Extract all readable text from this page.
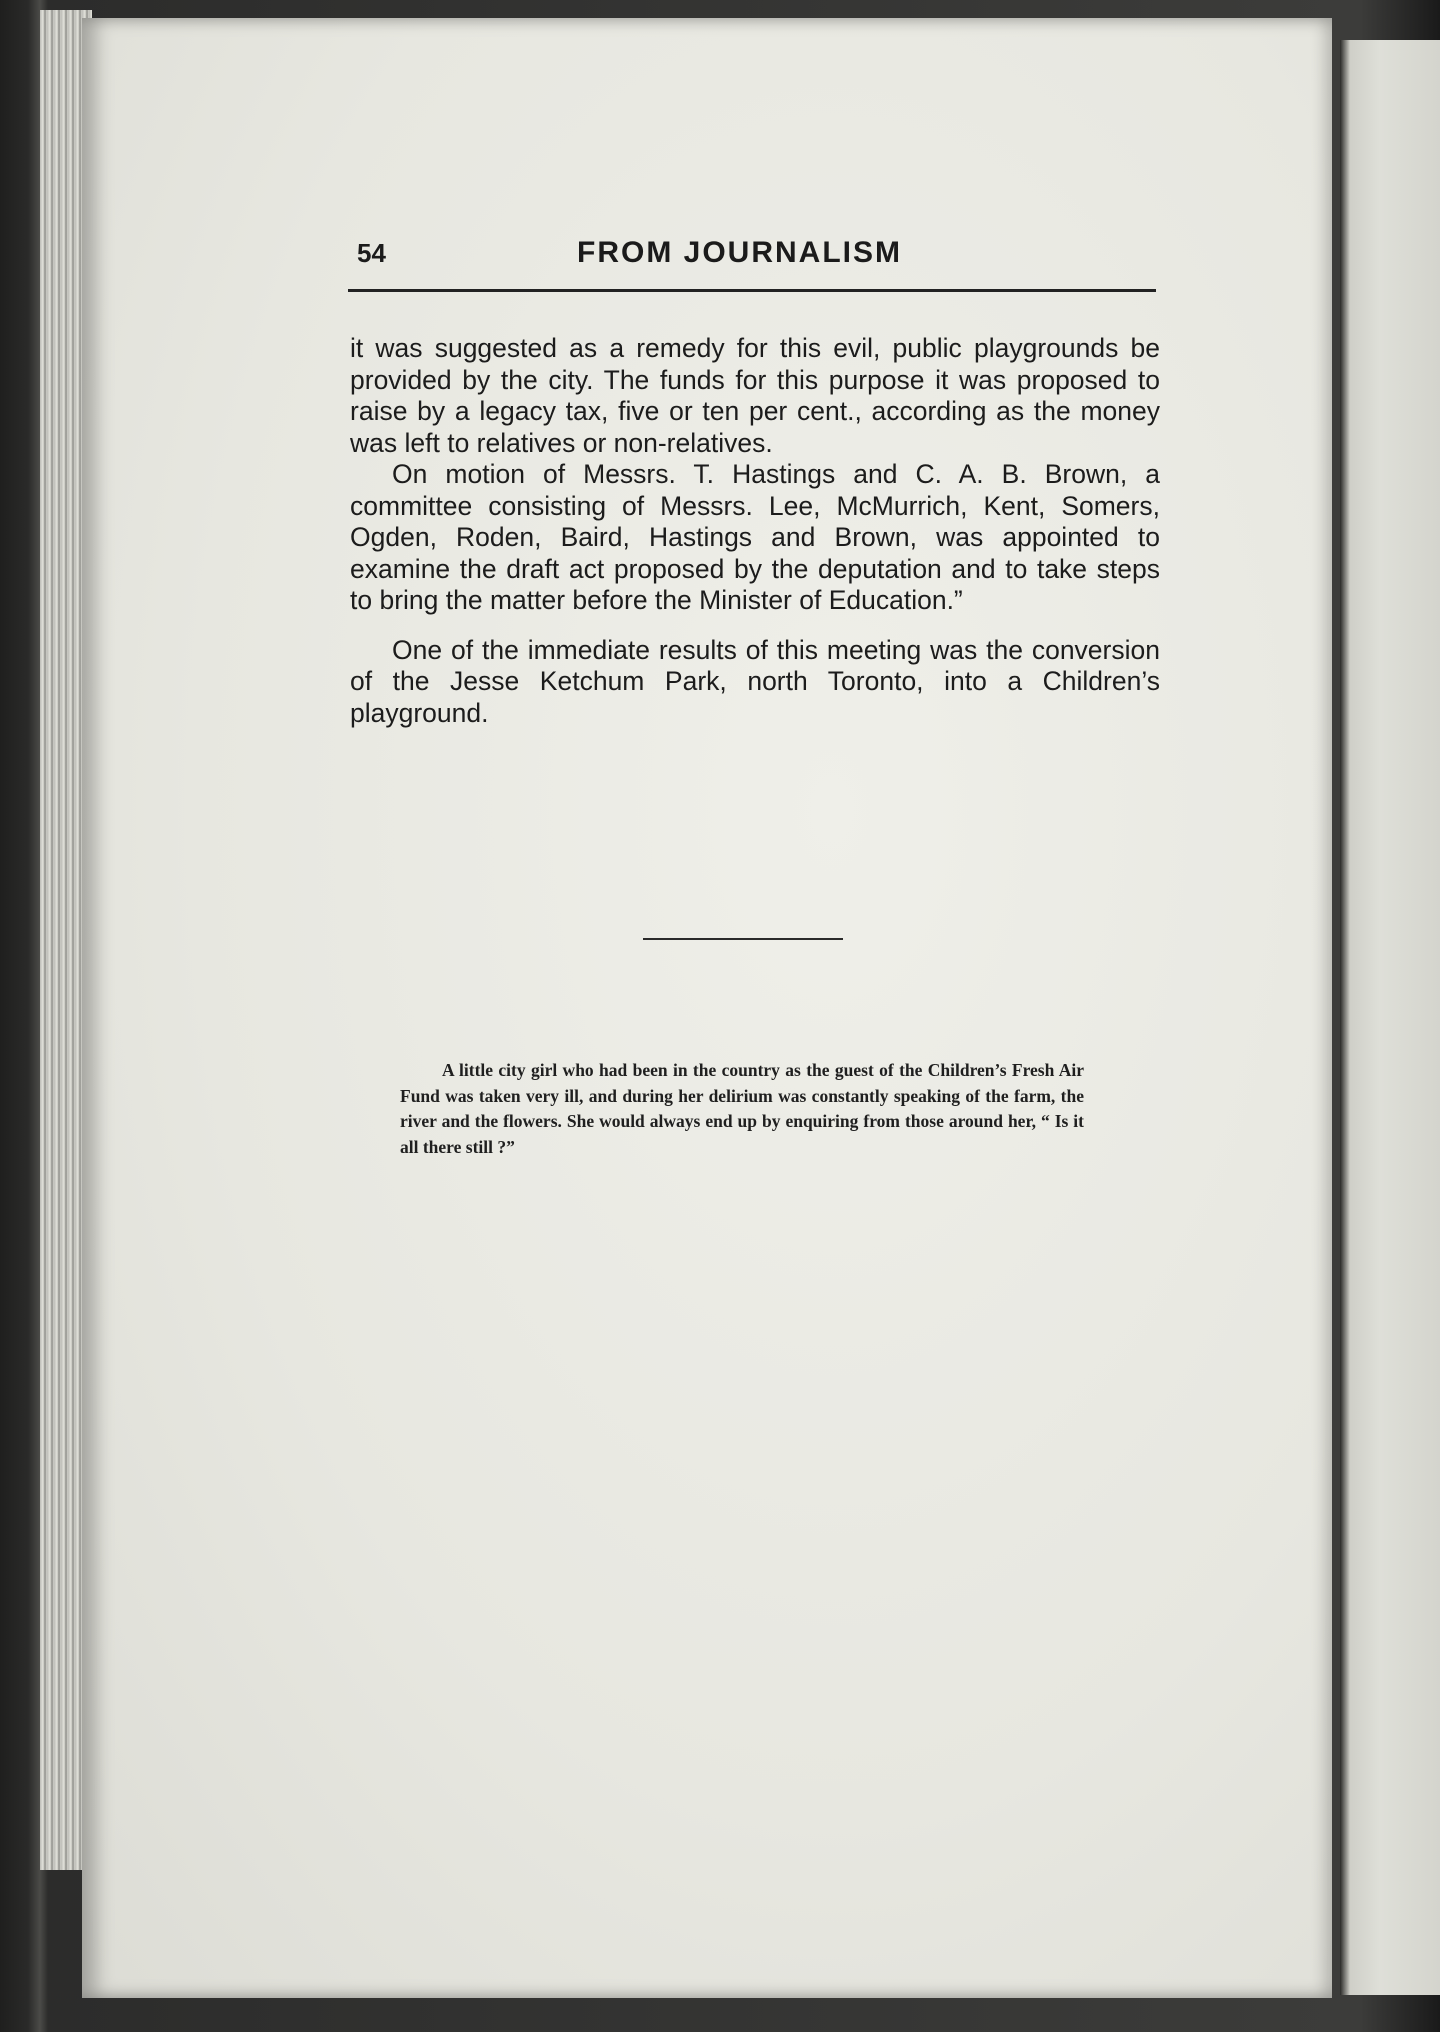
54	FROM JOURNALISM

it was suggested as a remedy for this evil, public playgrounds be provided by the city. The funds for this purpose it was proposed to raise by a legacy tax, five or ten per cent., according as the money was left to relatives or non-relatives.

On motion of Messrs. T. Hastings and C. A. B. Brown, a committee consisting of Messrs. Lee, McMurrich, Kent, Somers, Ogden, Roden, Baird, Hastings and Brown, was appointed to examine the draft act proposed by the deputation and to take steps to bring the matter before the Minister of Education.”

One of the immediate results of this meeting was the conversion of the Jesse Ketchum Park, north Toronto, into a Children’s playground.

A little city girl who had been in the country as the guest of the Children’s Fresh Air Fund was taken very ill, and during her delirium was constantly speaking of the farm, the river and the flowers. She would always end up by enquiring from those around her, “ Is it all there still ?”
